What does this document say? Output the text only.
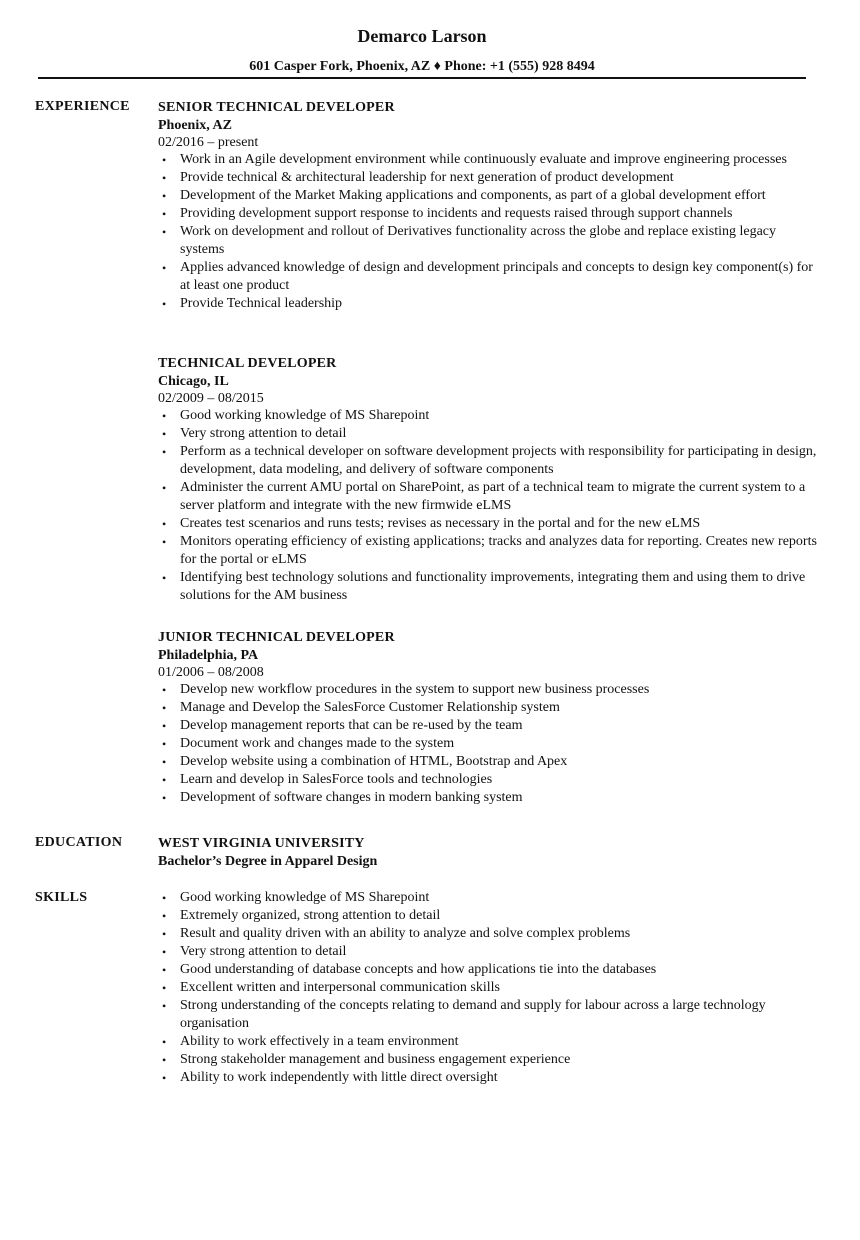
Demarco Larson
601 Casper Fork, Phoenix, AZ ♦ Phone: +1 (555) 928 8494
EXPERIENCE SENIOR TECHNICAL DEVELOPER
Phoenix, AZ
02/2016 – present
• Work in an Agile development environment while continuously evaluate and improve engineering processes
• Provide technical & architectural leadership for next generation of product development
• Development of the Market Making applications and components, as part of a global development effort
• Providing development support response to incidents and requests raised through support channels
• Work on development and rollout of Derivatives functionality across the globe and replace existing legacy systems
• Applies advanced knowledge of design and development principals and concepts to design key component(s) for at least one product
• Provide Technical leadership
TECHNICAL DEVELOPER
Chicago, IL
02/2009 – 08/2015
• Good working knowledge of MS Sharepoint
• Very strong attention to detail
• Perform as a technical developer on software development projects with responsibility for participating in design, development, data modeling, and delivery of software components
• Administer the current AMU portal on SharePoint, as part of a technical team to migrate the current system to a server platform and integrate with the new firmwide eLMS
• Creates test scenarios and runs tests; revises as necessary in the portal and for the new eLMS
• Monitors operating efficiency of existing applications; tracks and analyzes data for reporting. Creates new reports for the portal or eLMS
• Identifying best technology solutions and functionality improvements, integrating them and using them to drive solutions for the AM business
JUNIOR TECHNICAL DEVELOPER
Philadelphia, PA
01/2006 – 08/2008
• Develop new workflow procedures in the system to support new business processes
• Manage and Develop the SalesForce Customer Relationship system
• Develop management reports that can be re-used by the team
• Document work and changes made to the system
• Develop website using a combination of HTML, Bootstrap and Apex
• Learn and develop in SalesForce tools and technologies
• Development of software changes in modern banking system
EDUCATION	WEST VIRGINIA UNIVERSITY
Bachelor’s Degree in Apparel Design
SKILLS	• Good working knowledge of MS Sharepoint
• Extremely organized, strong attention to detail
• Result and quality driven with an ability to analyze and solve complex problems
• Very strong attention to detail
• Good understanding of database concepts and how applications tie into the databases
• Excellent written and interpersonal communication skills
• Strong understanding of the concepts relating to demand and supply for labour across a large technology organisation
• Ability to work effectively in a team environment
• Strong stakeholder management and business engagement experience
• Ability to work independently with little direct oversight
